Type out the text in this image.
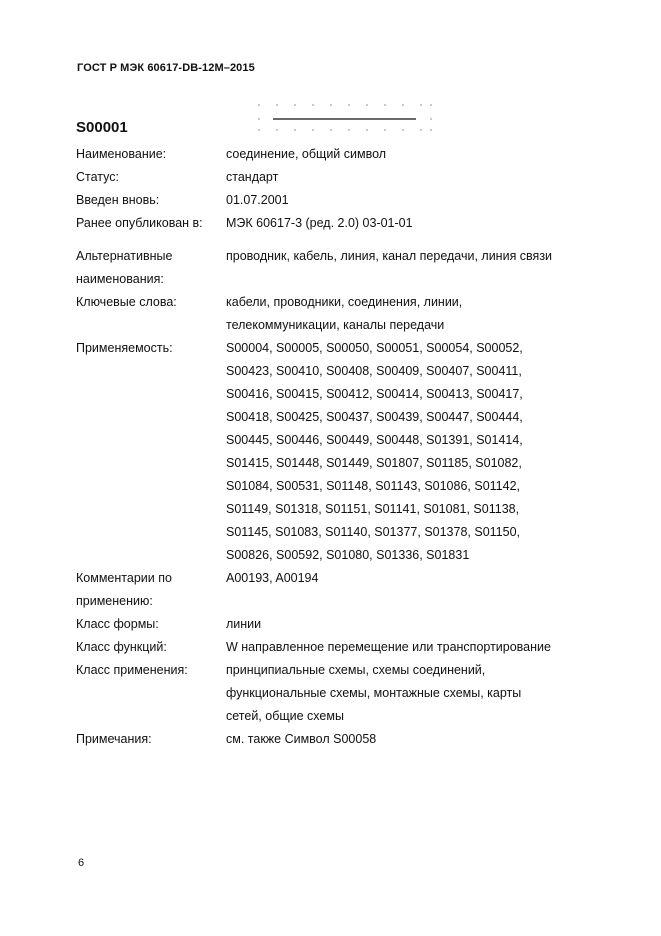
ГОСТ Р МЭК 60617-DB-12M–2015
S00001
Наименование:	соединение, общий символ
Статус:	стандарт
Введен вновь:	01.07.2001
Ранее опубликован в:	МЭК 60617-3 (ред. 2.0) 03-01-01
Альтернативные
наименования:
проводник, кабель, линия, канал передачи, линия связи
Ключевые слова:	кабели, проводники, соединения, линии,
телекоммуникации, каналы передачи
Применяемость:	S00004, S00005, S00050, S00051, S00054, S00052,
S00423, S00410, S00408, S00409, S00407, S00411,
S00416, S00415, S00412, S00414, S00413, S00417,
S00418, S00425, S00437, S00439, S00447, S00444,
S00445, S00446, S00449, S00448, S01391, S01414,
S01415, S01448, S01449, S01807, S01185, S01082,
S01084, S00531, S01148, S01143, S01086, S01142,
S01149, S01318, S01151, S01141, S01081, S01138,
S01145, S01083, S01140, S01377, S01378, S01150,
S00826, S00592, S01080, S01336, S01831
Комментарии по
применению:
A00193, A00194
Класс формы:	линии
Класс функций:	W направленное перемещение или транспортирование
Класс применения:	принципиальные схемы, схемы соединений,
функциональные схемы, монтажные схемы, карты
сетей, общие схемы
Примечания:	см. также Символ S00058
6
